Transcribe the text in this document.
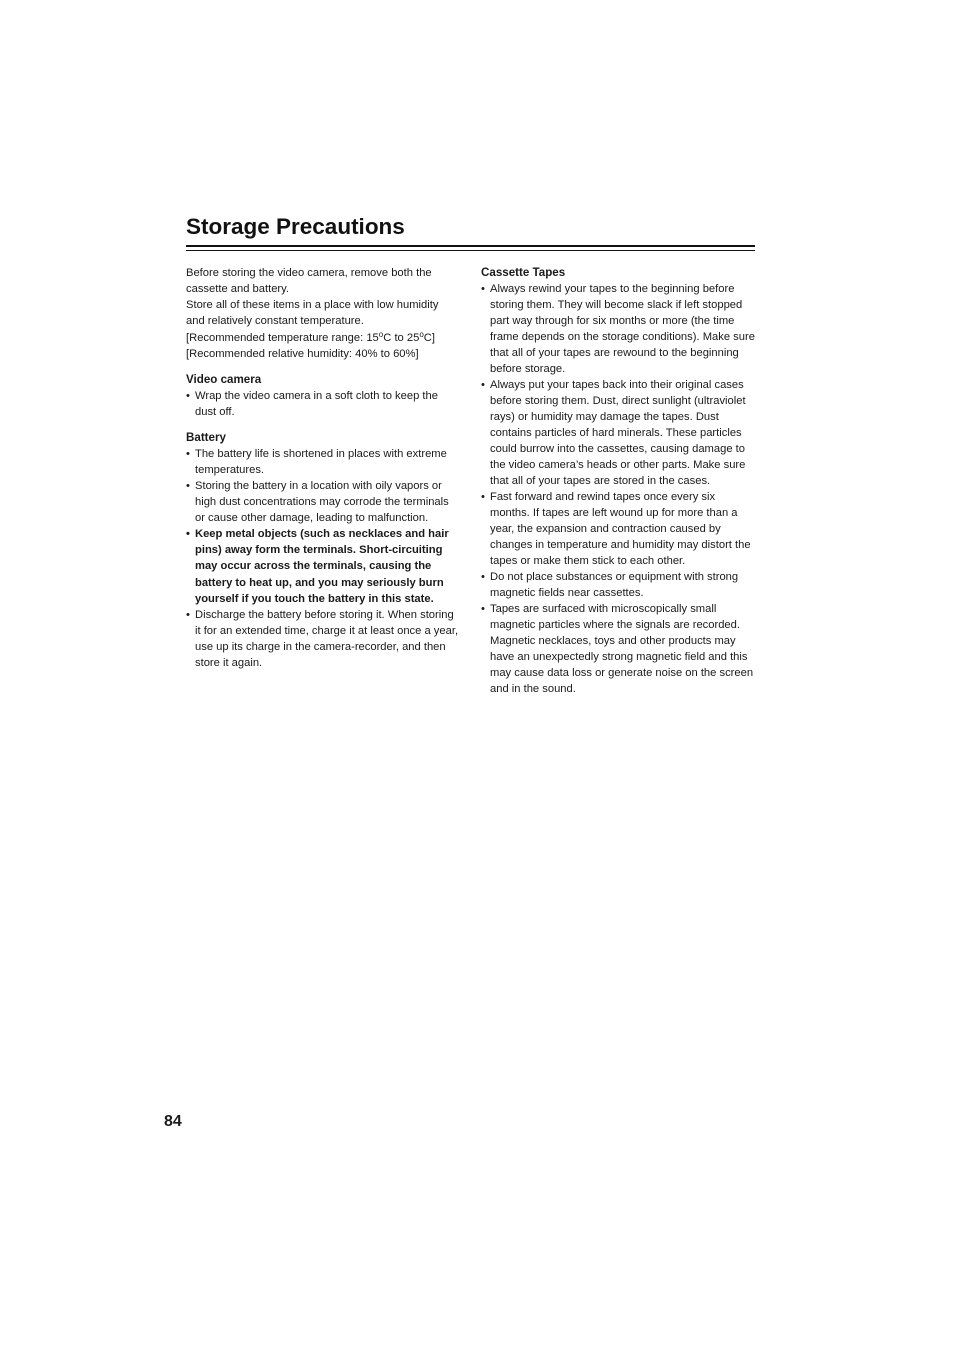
Storage Precautions

Before storing the video camera, remove both the cassette and battery.

Store all of these items in a place with low humidity and relatively constant temperature.

[Recommended temperature range: 15$^o$C to 25$^o$C]

[Recommended relative humidity: 40% to 60%]

Video camera
• Wrap the video camera in a soft cloth to keep the dust off.
Battery
• The battery life is shortened in places with extreme temperatures.
• Storing the battery in a location with oily vapors or high dust concentrations may corrode the terminals or cause other damage, leading to malfunction.
• Keep metal objects (such as necklaces and hair pins) away form the terminals. Short-circuiting may occur across the terminals, causing the battery to heat up, and you may seriously burn yourself if you touch the battery in this state.
• Discharge the battery before storing it. When storing it for an extended time, charge it at least once a year, use up its charge in the camera-recorder, and then store it again.
Cassette Tapes
• Always rewind your tapes to the beginning before storing them. They will become slack if left stopped part way through for six months or more (the time frame depends on the storage conditions). Make sure that all of your tapes are rewound to the beginning before storage.
• Always put your tapes back into their original cases before storing them. Dust, direct sunlight (ultraviolet rays) or humidity may damage the tapes. Dust contains particles of hard minerals. These particles could burrow into the cassettes, causing damage to the video camera’s heads or other parts. Make sure that all of your tapes are stored in the cases.
• Fast forward and rewind tapes once every six months. If tapes are left wound up for more than a year, the expansion and contraction caused by changes in temperature and humidity may distort the tapes or make them stick to each other.
• Do not place substances or equipment with strong magnetic fields near cassettes.
• Tapes are surfaced with microscopically small magnetic particles where the signals are recorded. Magnetic necklaces, toys and other products may have an unexpectedly strong magnetic field and this may cause data loss or generate noise on the screen and in the sound.
84
